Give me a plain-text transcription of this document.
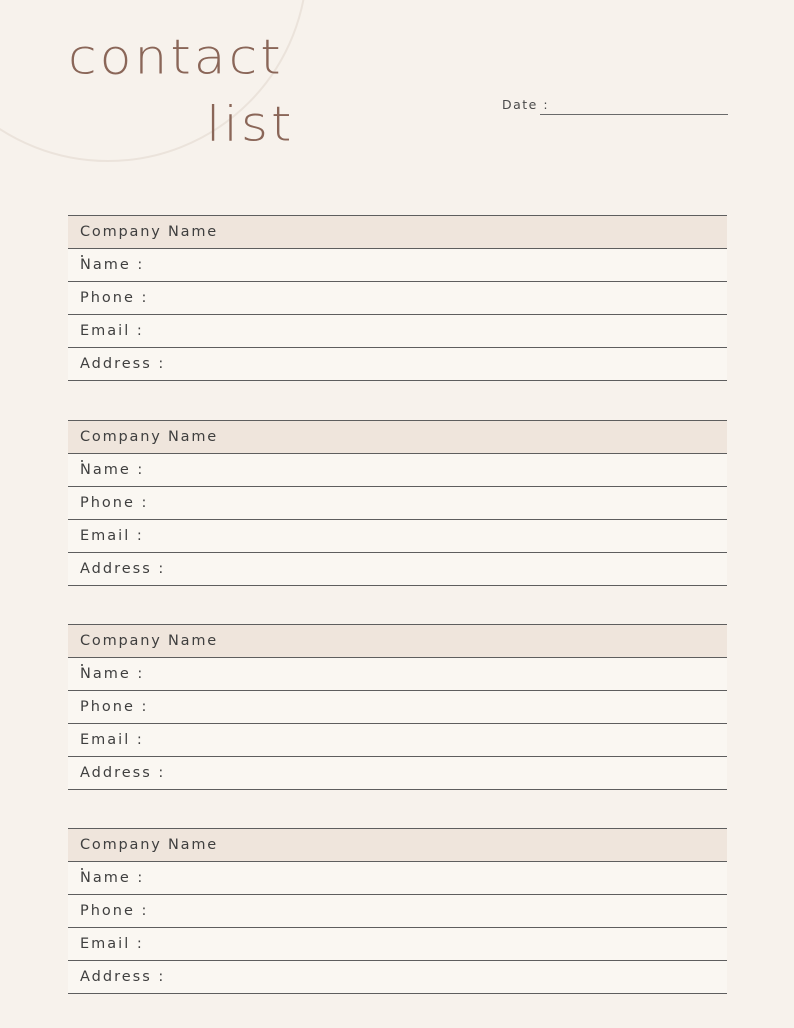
contact
list	Date :
Company Name
Name :
Phone :
Email :
Address :
Company Name
Name :
Phone :
Email :
Address :
Company Name
Name :
Phone :
Email :
Address :
Company Name
Name :
Phone :
Email :
Address :
